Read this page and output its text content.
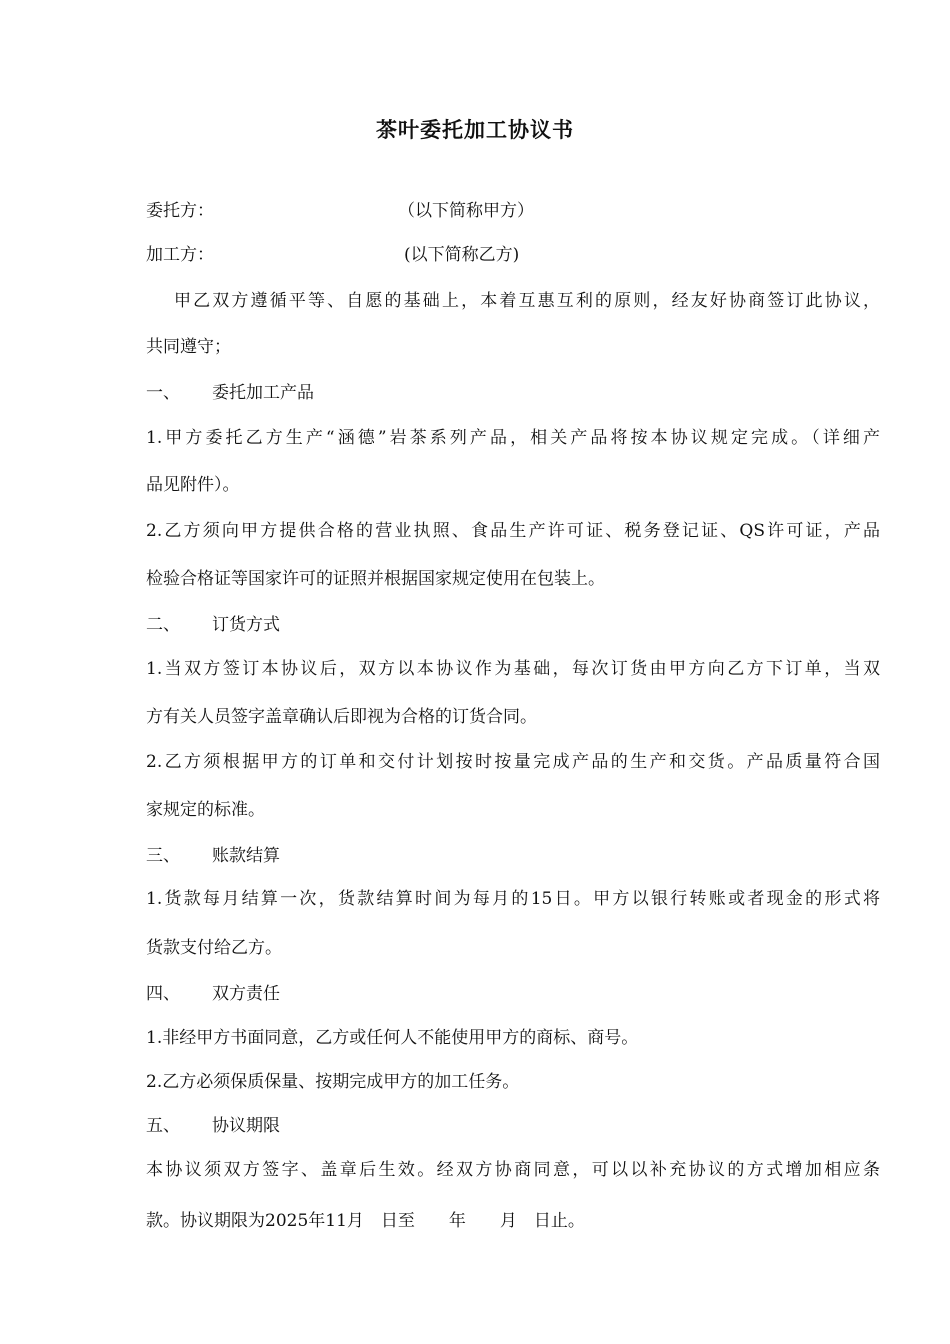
茶叶委托加工协议书
委托方：	（以下简称甲方）
加工方：	(以下简称乙方)
甲乙双方遵循平等、自愿的基础上，本着互惠互利的原则，经友好协商签订此协议，
共同遵守；
一、 委托加工产品
1.甲方委托乙方生产“涵德”岩茶系列产品，相关产品将按本协议规定完成。（详细产
品见附件）。
2.乙方须向甲方提供合格的营业执照、食品生产许可证、税务登记证、QS许可证，产品
检验合格证等国家许可的证照并根据国家规定使用在包装上。
二、 订货方式
1.当双方签订本协议后，双方以本协议作为基础，每次订货由甲方向乙方下订单，当双
方有关人员签字盖章确认后即视为合格的订货合同。
2.乙方须根据甲方的订单和交付计划按时按量完成产品的生产和交货。产品质量符合国
家规定的标准。
三、 账款结算
1.货款每月结算一次，货款结算时间为每月的15日。甲方以银行转账或者现金的形式将
货款支付给乙方。
四、 双方责任
1.非经甲方书面同意，乙方或任何人不能使用甲方的商标、商号。
2.乙方必须保质保量、按期完成甲方的加工任务。
五、 协议期限
本协议须双方签字、盖章后生效。经双方协商同意，可以以补充协议的方式增加相应条
款。协议期限为2025年11月　日至　　年　　月　日止。
